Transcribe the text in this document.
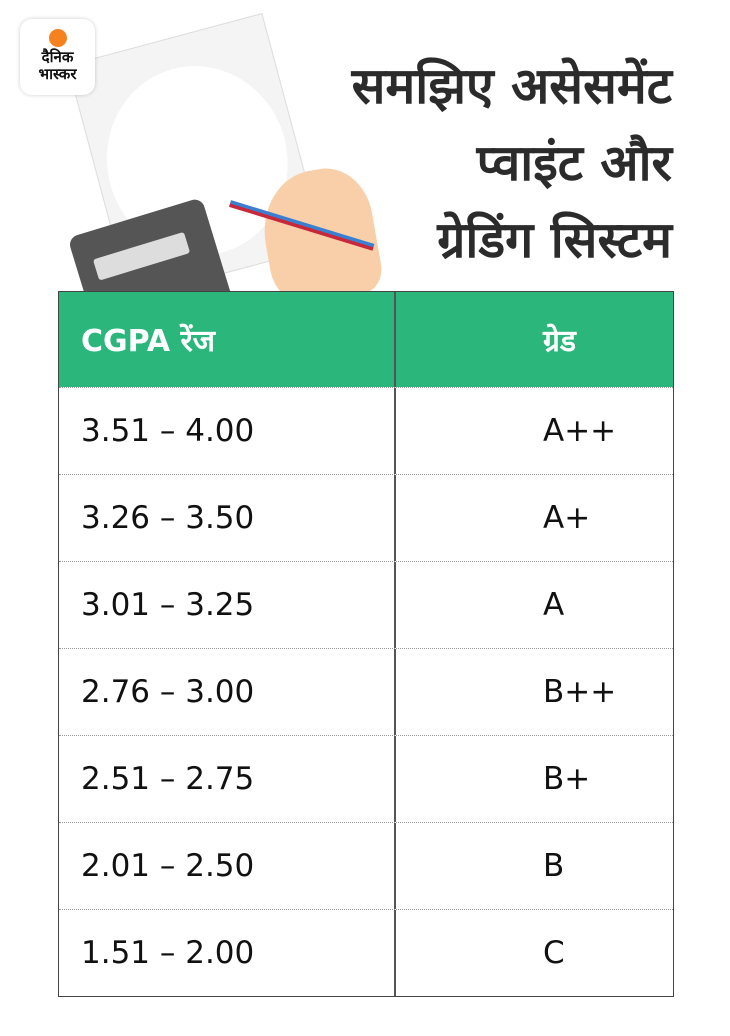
दैनिक
भास्कर	समझिए असेसमेंट
प्वाइंट और
ग्रेडिंग सिस्टम
CGPA रेंज	ग्रेड
3.51 – 4.00	A++
3.26 – 3.50	A+
3.01 – 3.25	A
2.76 – 3.00	B++
2.51 – 2.75	B+
2.01 – 2.50	B
1.51 – 2.00	C
